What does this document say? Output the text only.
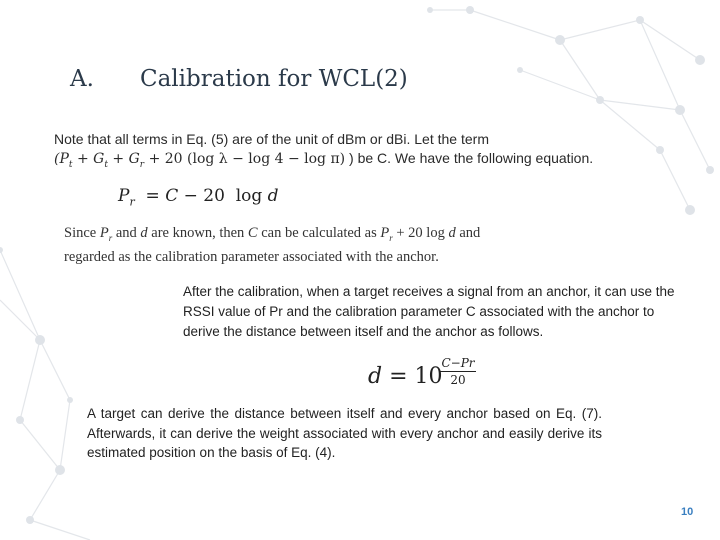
A. Calibration for WCL(2)
Note that all terms in Eq. (5) are of the unit of dBm or dBi. Let the term
($P_t + G_t + G_r + 20$ (log λ − log 4 − log π) ) be C. We have the following equation.
$P_r = C - 20$  log d
Since $P_r$ and d are known, then C can be calculated as $P_r + 20$ log d and
regarded as the calibration parameter associated with the anchor.
After the calibration, when a target receives a signal from an anchor, it can use the RSSI value of Pr and the calibration parameter C associated with the anchor to derive the distance between itself and the anchor as follows.
d = 10
C−Pr
20
A target can derive the distance between itself and every anchor based on Eq. (7). Afterwards, it can derive the weight associated with every anchor and easily derive its estimated position on the basis of Eq. (4).
10
